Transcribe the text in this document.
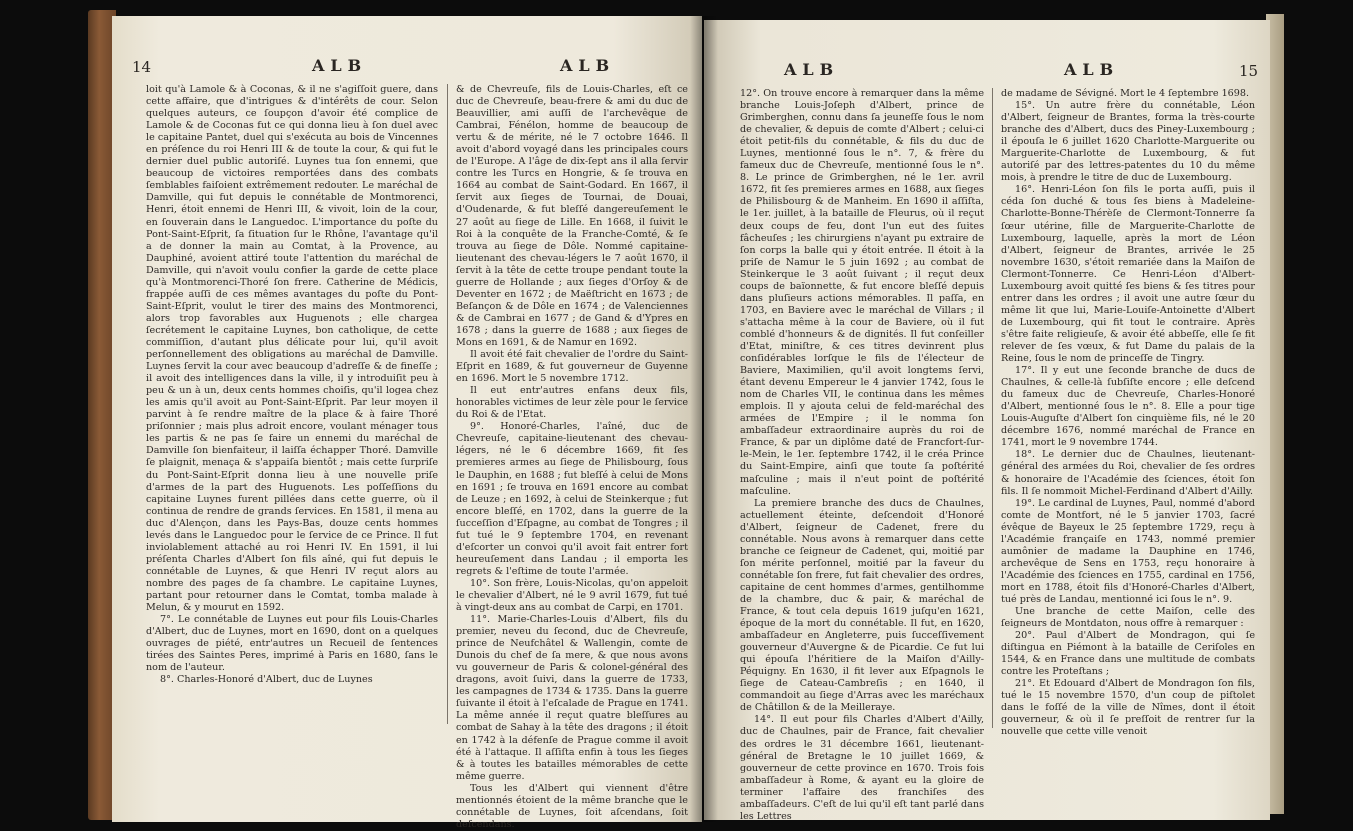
14	ALB	ALB

loit qu'à Lamole & à Coconas, & il ne s'agiſſoit guere, dans cette affaire, que d'intrigues & d'intérêts de cour. Selon quelques auteurs, ce ſoupçon d'avoir été complice de Lamole & de Coconas fut ce qui donna lieu à ſon duel avec le capitaine Pantet, duel qui s'exécuta au bois de Vincennes en préſence du roi Henri III & de toute la cour, & qui fut le dernier duel public autoriſé. Luynes tua ſon ennemi, que beaucoup de victoires remportées dans des combats ſemblables faiſoient extrêmement redouter. Le maréchal de Damville, qui fut depuis le connétable de Montmorenci, Henri, étoit ennemi de Henri III, & vivoit, loin de la cour, en ſouverain dans le Languedoc. L'importance du poſte du Pont-Saint-Eſprit, ſa ſituation ſur le Rhône, l'avantage qu'il a de donner la main au Comtat, à la Provence, au Dauphiné, avoient attiré toute l'attention du maréchal de Damville, qui n'avoit voulu confier la garde de cette place qu'à Montmorenci-Thoré ſon frere. Catherine de Médicis, frappée auſſi de ces mêmes avantages du poſte du Pont-Saint-Eſprit, voulut le tirer des mains des Montmorenci, alors trop favorables aux Huguenots ; elle chargea ſecrétement le capitaine Luynes, bon catholique, de cette commiſſion, d'autant plus délicate pour lui, qu'il avoit perſonnellement des obligations au maréchal de Damville. Luynes ſervit la cour avec beaucoup d'adreſſe & de fineſſe ; il avoit des intelligences dans la ville, il y introduiſit peu à peu & un à un, deux cents hommes choiſis, qu'il logea chez les amis qu'il avoit au Pont-Saint-Eſprit. Par leur moyen il parvint à ſe rendre maître de la place & à faire Thoré priſonnier ; mais plus adroit encore, voulant ménager tous les partis & ne pas ſe faire un ennemi du maréchal de Damville ſon bienfaiteur, il laiſſa échapper Thoré. Damville ſe plaignit, menaça & s'appaiſa bientôt ; mais cette ſurpriſe du Pont-Saint-Eſprit donna lieu à une nouvelle priſe d'armes de la part des Huguenots. Les poſſeſſions du capitaine Luynes furent pillées dans cette guerre, où il continua de rendre de grands ſervices. En 1581, il mena au duc d'Alençon, dans les Pays-Bas, douze cents hommes levés dans le Languedoc pour le ſervice de ce Prince. Il fut inviolablement attaché au roi Henri IV. En 1591, il lui préſenta Charles d'Albert ſon fils aîné, qui fut depuis le connétable de Luynes, & que Henri IV reçut alors au nombre des pages de ſa chambre. Le capitaine Luynes, partant pour retourner dans le Comtat, tomba malade à Melun, & y mourut en 1592.

7°. Le connétable de Luynes eut pour fils Louis-Charles d'Albert, duc de Luynes, mort en 1690, dont on a quelques ouvrages de piété, entr'autres un Recueil de ſentences tirées des Saintes Peres, imprimé à Paris en 1680, ſans le nom de l'auteur.

8°. Charles-Honoré d'Albert, duc de Luynes

& de Chevreuſe, fils de Louis-Charles, eſt ce duc de Chevreuſe, beau-frere & ami du duc de Beauvillier, ami auſſi de l'archevêque de Cambrai, Fénélon, homme de beaucoup de vertu & de mérite, né le 7 octobre 1646. Il avoit d'abord voyagé dans les principales cours de l'Europe. A l'âge de dix-ſept ans il alla ſervir contre les Turcs en Hongrie, & ſe trouva en 1664 au combat de Saint-Godard. En 1667, il ſervit aux ſieges de Tournai, de Douai, d'Oudenarde, & fut bleſſé dangereuſement le 27 août au ſiege de Lille. En 1668, il ſuivit le Roi à la conquête de la Franche-Comté, & ſe trouva au ſiege de Dôle. Nommé capitaine-lieutenant des chevau-légers le 7 août 1670, il ſervit à la tête de cette troupe pendant toute la guerre de Hollande ; aux ſieges d'Orſoy & de Deventer en 1672 ; de Maëſtricht en 1673 ; de Beſançon & de Dôle en 1674 ; de Valenciennes & de Cambrai en 1677 ; de Gand & d'Ypres en 1678 ; dans la guerre de 1688 ; aux ſieges de Mons en 1691, & de Namur en 1692.

Il avoit été fait chevalier de l'ordre du Saint-Eſprit en 1689, & fut gouverneur de Guyenne en 1696. Mort le 5 novembre 1712.

Il eut entr'autres enfans deux fils, honorables victimes de leur zèle pour le ſervice du Roi & de l'Etat.

9°. Honoré-Charles, l'aîné, duc de Chevreuſe, capitaine-lieutenant des chevau-légers, né le 6 décembre 1669, fit ſes premieres armes au ſiege de Philisbourg, ſous le Dauphin, en 1688 ; fut bleſſé à celui de Mons en 1691 ; ſe trouva en 1691 encore au combat de Leuze ; en 1692, à celui de Steinkerque ; fut encore bleſſé, en 1702, dans la guerre de la ſucceſſion d'Eſpagne, au combat de Tongres ; il fut tué le 9 ſeptembre 1704, en revenant d'eſcorter un convoi qu'il avoit fait entrer fort heureuſement dans Landau ; il emporta les regrets & l'eſtime de toute l'armée.

10°. Son frère, Louis-Nicolas, qu'on appeloit le chevalier d'Albert, né le 9 avril 1679, fut tué à vingt-deux ans au combat de Carpi, en 1701.

11°. Marie-Charles-Louis d'Albert, fils du premier, neveu du ſecond, duc de Chevreuſe, prince de Neufchâtel & Wallengin, comte de Dunois du chef de ſa mere, & que nous avons vu gouverneur de Paris & colonel-général des dragons, avoit ſuivi, dans la guerre de 1733, les campagnes de 1734 & 1735. Dans la guerre ſuivante il étoit à l'eſcalade de Prague en 1741. La même année il reçut quatre bleſſures au combat de Sahay à la tête des dragons ; il étoit en 1742 à la défenſe de Prague comme il avoit été à l'attaque. Il aſſiſta enfin à tous les ſieges & à toutes les batailles mémorables de cette même guerre.

Tous les d'Albert qui viennent d'être mentionnés étoient de la même branche que le connétable de Luynes, ſoit aſcendans, ſoit deſcendans.

ALB	ALB	15

12°. On trouve encore à remarquer dans la même branche Louis-Joſeph d'Albert, prince de Grimberghen, connu dans ſa jeuneſſe ſous le nom de chevalier, & depuis de comte d'Albert ; celui-ci étoit petit-fils du connétable, & fils du duc de Luynes, mentionné ſous le n°. 7, & frère du fameux duc de Chevreuſe, mentionné ſous le n°. 8. Le prince de Grimberghen, né le 1er. avril 1672, fit ſes premieres armes en 1688, aux ſieges de Philisbourg & de Manheim. En 1690 il aſſiſta, le 1er. juillet, à la bataille de Fleurus, où il reçut deux coups de feu, dont l'un eut des ſuites fâcheuſes ; les chirurgiens n'ayant pu extraire de ſon corps la balle qui y étoit entrée. Il étoit à la priſe de Namur le 5 juin 1692 ; au combat de Steinkerque le 3 août ſuivant ; il reçut deux coups de baïonnette, & fut encore bleſſé depuis dans pluſieurs actions mémorables. Il paſſa, en 1703, en Baviere avec le maréchal de Villars ; il s'attacha même à la cour de Baviere, où il fut comblé d'honneurs & de dignités. Il fut conſeiller d'Etat, miniſtre, & ces titres devinrent plus conſidérables lorſque le fils de l'électeur de Baviere, Maximilien, qu'il avoit longtems ſervi, étant devenu Empereur le 4 janvier 1742, ſous le nom de Charles VII, le continua dans les mêmes emplois. Il y ajouta celui de feld-maréchal des armées de l'Empire ; il le nomma ſon ambaſſadeur extraordinaire auprès du roi de France, & par un diplôme daté de Francfort-ſur-le-Mein, le 1er. ſeptembre 1742, il le créa Prince du Saint-Empire, ainſi que toute ſa poſtérité maſculine ; mais il n'eut point de poſtérité maſculine.

La premiere branche des ducs de Chaulnes, actuellement éteinte, deſcendoit d'Honoré d'Albert, ſeigneur de Cadenet, frere du connétable. Nous avons à remarquer dans cette branche ce ſeigneur de Cadenet, qui, moitié par ſon mérite perſonnel, moitié par la faveur du connétable ſon frere, fut fait chevalier des ordres, capitaine de cent hommes d'armes, gentilhomme de la chambre, duc & pair, & maréchal de France, & tout cela depuis 1619 juſqu'en 1621, époque de la mort du connétable. Il fut, en 1620, ambaſſadeur en Angleterre, puis ſucceſſivement gouverneur d'Auvergne & de Picardie. Ce fut lui qui épouſa l'héritiere de la Maiſon d'Ailly-Péquigny. En 1630, il fit lever aux Eſpagnols le ſiege de Cateau-Cambreſis ; en 1640, il commandoit au ſiege d'Arras avec les maréchaux de Châtillon & de la Meilleraye.

14°. Il eut pour fils Charles d'Albert d'Ailly, duc de Chaulnes, pair de France, fait chevalier des ordres le 31 décembre 1661, lieutenant-général de Bretagne le 10 juillet 1669, & gouverneur de cette province en 1670. Trois fois ambaſſadeur à Rome, & ayant eu la gloire de terminer l'affaire des franchiſes des ambaſſadeurs. C'eſt de lui qu'il eſt tant parlé dans les Lettres

de madame de Sévigné. Mort le 4 ſeptembre 1698.

15°. Un autre frère du connétable, Léon d'Albert, ſeigneur de Brantes, forma la très-courte branche des d'Albert, ducs des Piney-Luxembourg ; il épouſa le 6 juillet 1620 Charlotte-Marguerite ou Marguerite-Charlotte de Luxembourg, & fut autoriſé par des lettres-patentes du 10 du même mois, à prendre le titre de duc de Luxembourg.

16°. Henri-Léon ſon fils le porta auſſi, puis il céda ſon duché & tous ſes biens à Madeleine-Charlotte-Bonne-Thérèſe de Clermont-Tonnerre ſa ſœur utérine, fille de Marguerite-Charlotte de Luxembourg, laquelle, après la mort de Léon d'Albert, ſeigneur de Brantes, arrivée le 25 novembre 1630, s'étoit remariée dans la Maiſon de Clermont-Tonnerre. Ce Henri-Léon d'Albert-Luxembourg avoit quitté ſes biens & ſes titres pour entrer dans les ordres ; il avoit une autre ſœur du même lit que lui, Marie-Louiſe-Antoinette d'Albert de Luxembourg, qui fit tout le contraire. Après s'être faite religieuſe, & avoir été abbeſſe, elle ſe fit relever de ſes vœux, & fut Dame du palais de la Reine, ſous le nom de princeſſe de Tingry.

17°. Il y eut une ſeconde branche de ducs de Chaulnes, & celle-là ſubſiſte encore ; elle deſcend du fameux duc de Chevreuſe, Charles-Honoré d'Albert, mentionné ſous le n°. 8. Elle a pour tige Louis-Auguſte d'Albert ſon cinquième fils, né le 20 décembre 1676, nommé maréchal de France en 1741, mort le 9 novembre 1744.

18°. Le dernier duc de Chaulnes, lieutenant-général des armées du Roi, chevalier de ſes ordres & honoraire de l'Académie des ſciences, étoit ſon fils. Il ſe nommoit Michel-Ferdinand d'Albert d'Ailly.

19°. Le cardinal de Luynes, Paul, nommé d'abord comte de Montfort, né le 5 janvier 1703, ſacré évêque de Bayeux le 25 ſeptembre 1729, reçu à l'Académie françaiſe en 1743, nommé premier aumônier de madame la Dauphine en 1746, archevêque de Sens en 1753, reçu honoraire à l'Académie des ſciences en 1755, cardinal en 1756, mort en 1788, étoit fils d'Honoré-Charles d'Albert, tué près de Landau, mentionné ici ſous le n°. 9.

Une branche de cette Maiſon, celle des ſeigneurs de Montdaton, nous offre à remarquer :

20°. Paul d'Albert de Mondragon, qui ſe diſtingua en Piémont à la bataille de Ceriſoles en 1544, & en France dans une multitude de combats contre les Proteſtans ;

21°. Et Edouard d'Albert de Mondragon ſon fils, tué le 15 novembre 1570, d'un coup de piſtolet dans le foſſé de la ville de Nîmes, dont il étoit gouverneur, & où il ſe preſſoit de rentrer ſur la nouvelle que cette ville venoit
